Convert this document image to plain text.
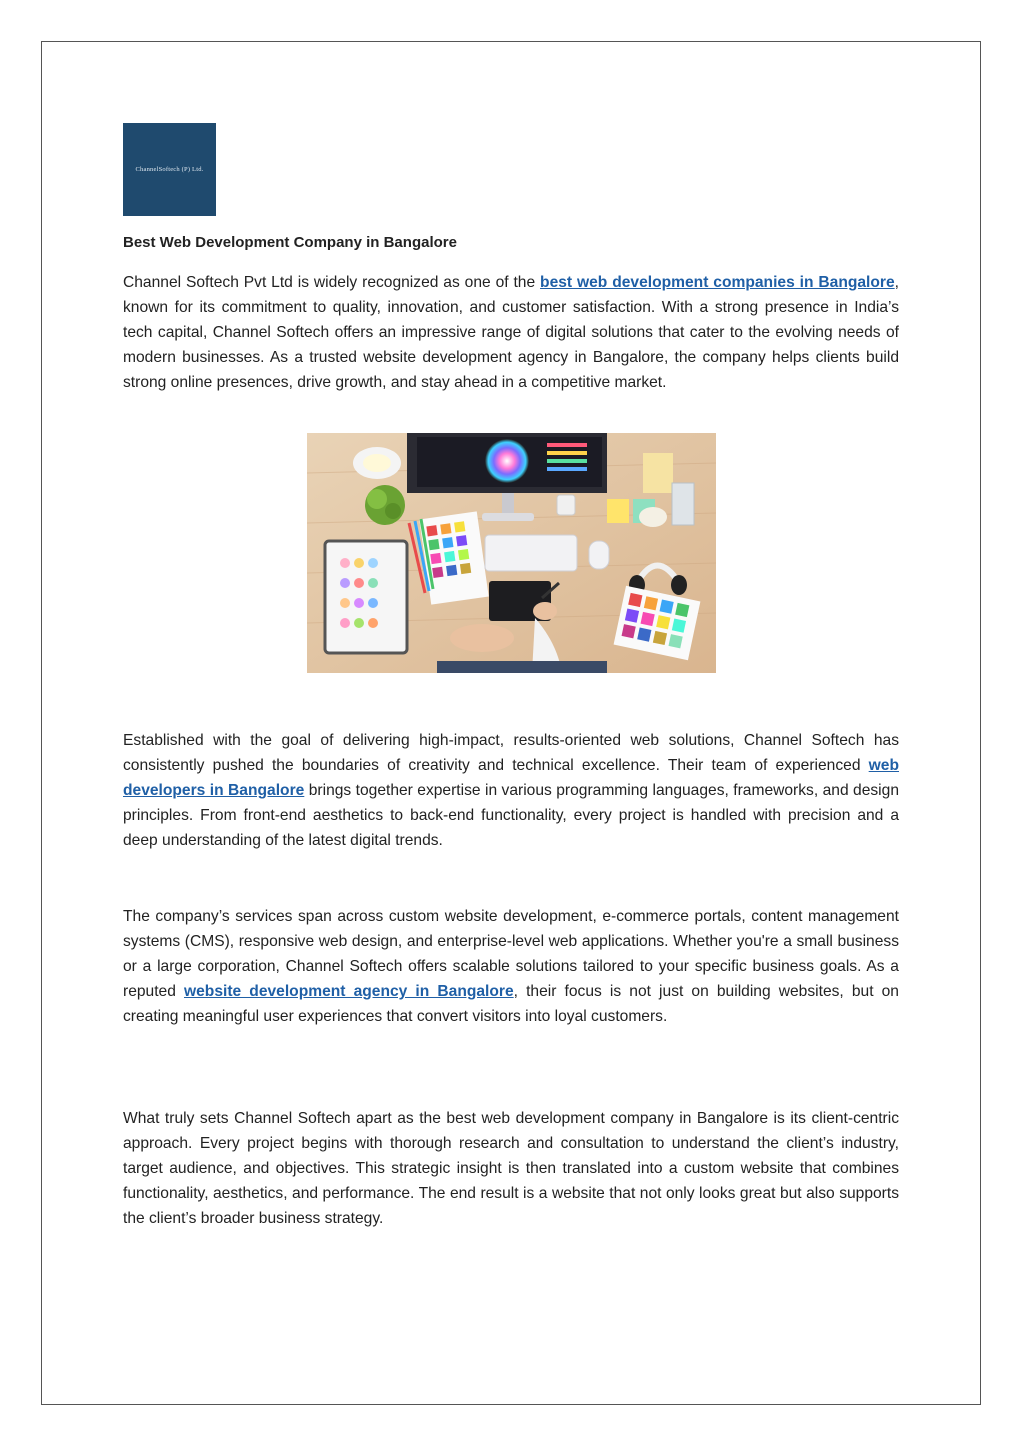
ChannelSoftech (P) Ltd.
Best Web Development Company in Bangalore

Channel Softech Pvt Ltd is widely recognized as one of the best web development companies in Bangalore, known for its commitment to quality, innovation, and customer satisfaction. With a strong presence in India’s tech capital, Channel Softech offers an impressive range of digital solutions that cater to the evolving needs of modern businesses. As a trusted website development agency in Bangalore, the company helps clients build strong online presences, drive growth, and stay ahead in a competitive market.

Established with the goal of delivering high-impact, results-oriented web solutions, Channel Softech has consistently pushed the boundaries of creativity and technical excellence. Their team of experienced web developers in Bangalore brings together expertise in various programming languages, frameworks, and design principles. From front-end aesthetics to back-end functionality, every project is handled with precision and a deep understanding of the latest digital trends.

The company’s services span across custom website development, e-commerce portals, content management systems (CMS), responsive web design, and enterprise-level web applications. Whether you're a small business or a large corporation, Channel Softech offers scalable solutions tailored to your specific business goals. As a reputed website development agency in Bangalore, their focus is not just on building websites, but on creating meaningful user experiences that convert visitors into loyal customers.

What truly sets Channel Softech apart as the best web development company in Bangalore is its client-centric approach. Every project begins with thorough research and consultation to understand the client’s industry, target audience, and objectives. This strategic insight is then translated into a custom website that combines functionality, aesthetics, and performance. The end result is a website that not only looks great but also supports the client’s broader business strategy.
